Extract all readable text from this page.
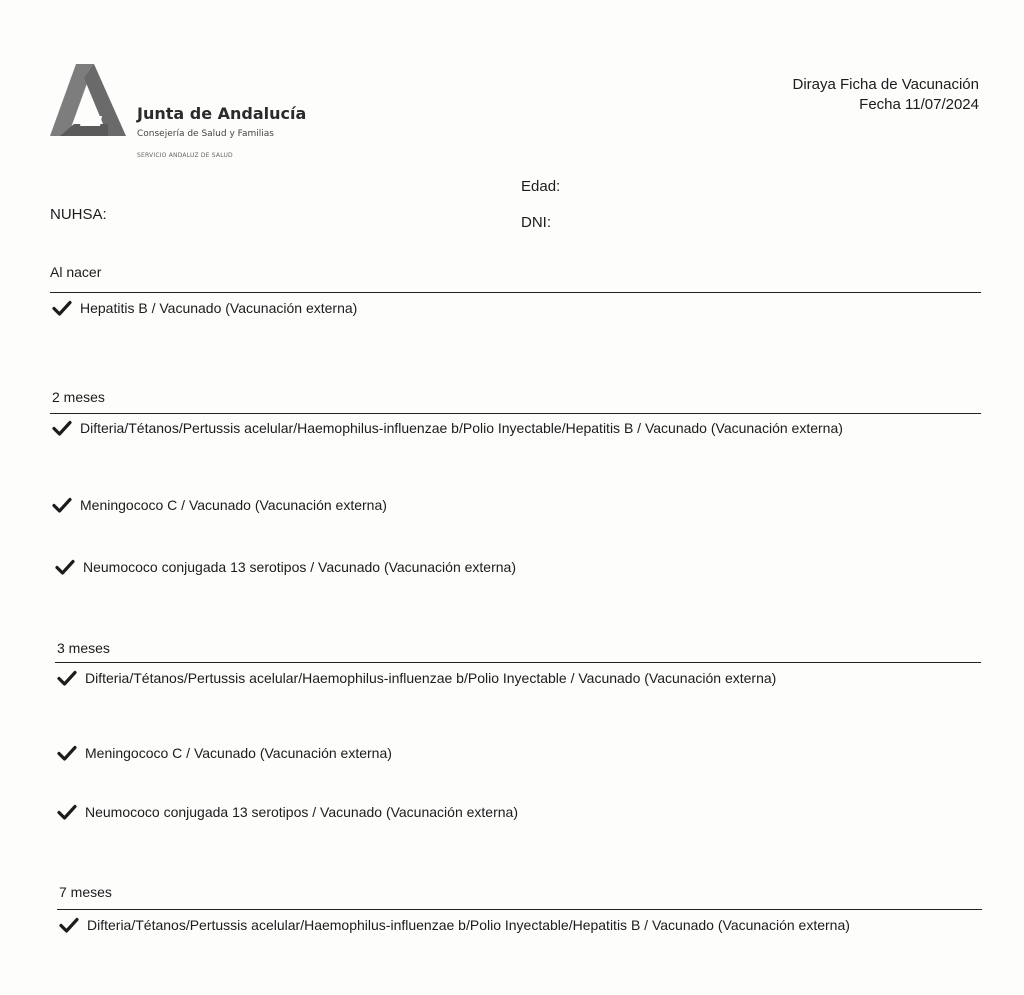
Junta de Andalucía
Consejería de Salud y Familias
SERVICIO ANDALUZ DE SALUD
Diraya Ficha de Vacunación
Fecha 11/07/2024
Edad:
NUHSA:	DNI:
Al nacer
Hepatitis B / Vacunado (Vacunación externa)
2 meses
Difteria/Tétanos/Pertussis acelular/Haemophilus-influenzae b/Polio Inyectable/Hepatitis B / Vacunado (Vacunación externa)
Meningococo C / Vacunado (Vacunación externa)
Neumococo conjugada 13 serotipos / Vacunado (Vacunación externa)
3 meses
Difteria/Tétanos/Pertussis acelular/Haemophilus-influenzae b/Polio Inyectable / Vacunado (Vacunación externa)
Meningococo C / Vacunado (Vacunación externa)
Neumococo conjugada 13 serotipos / Vacunado (Vacunación externa)
7 meses
Difteria/Tétanos/Pertussis acelular/Haemophilus-influenzae b/Polio Inyectable/Hepatitis B / Vacunado (Vacunación externa)
